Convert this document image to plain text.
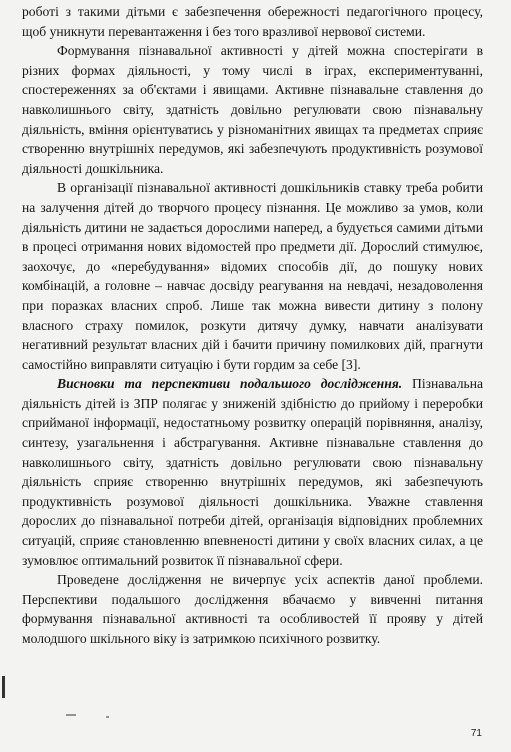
роботі з такими дітьми є забезпечення обережності педагогічного процесу, щоб уникнути перевантаження і без того вразливої нервової системи.

Формування пізнавальної активності у дітей можна спостерігати в різних формах діяльності, у тому числі в іграх, експериментуванні, спостереженнях за об'єктами і явищами. Активне пізнавальне ставлення до навколишнього світу, здатність довільно регулювати свою пізнавальну діяльність, вміння орієнтуватись у різноманітних явищах та предметах сприяє створенню внутрішніх передумов, які забезпечують продуктивність розумової діяльності дошкільника.

В організації пізнавальної активності дошкільників ставку треба робити на залучення дітей до творчого процесу пізнання. Це можливо за умов, коли діяльність дитини не задається дорослими наперед, а будується самими дітьми в процесі отримання нових відомостей про предмети дії. Дорослий стимулює, заохочує, до «перебудування» відомих способів дії, до пошуку нових комбінацій, а головне – навчає досвіду реагування на невдачі, незадоволення при поразках власних спроб. Лише так можна вивести дитину з полону власного страху помилок, розкути дитячу думку, навчати аналізувати негативний результат власних дій і бачити причину помилкових дій, прагнути самостійно виправляти ситуацію і бути гордим за себе [3].

Висновки та перспективи подальшого дослідження. Пізнавальна діяльність дітей із ЗПР полягає у зниженій здібністю до прийому і переробки сприйманої інформації, недостатньому розвитку операцій порівняння, аналізу, синтезу, узагальнення і абстрагування. Активне пізнавальне ставлення до навколишнього світу, здатність довільно регулювати свою пізнавальну діяльність сприяє створенню внутрішніх передумов, які забезпечують продуктивність розумової діяльності дошкільника. Уважне ставлення дорослих до пізнавальної потреби дітей, організація відповідних проблемних ситуацій, сприяє становленню впевненості дитини у своїх власних силах, а це зумовлює оптимальний розвиток її пізнавальної сфери.

Проведене дослідження не вичерпує усіх аспектів даної проблеми. Перспективи подальшого дослідження вбачаємо у вивченні питання формування пізнавальної активності та особливостей її прояву у дітей молодшого шкільного віку із затримкою психічного розвитку.

71
